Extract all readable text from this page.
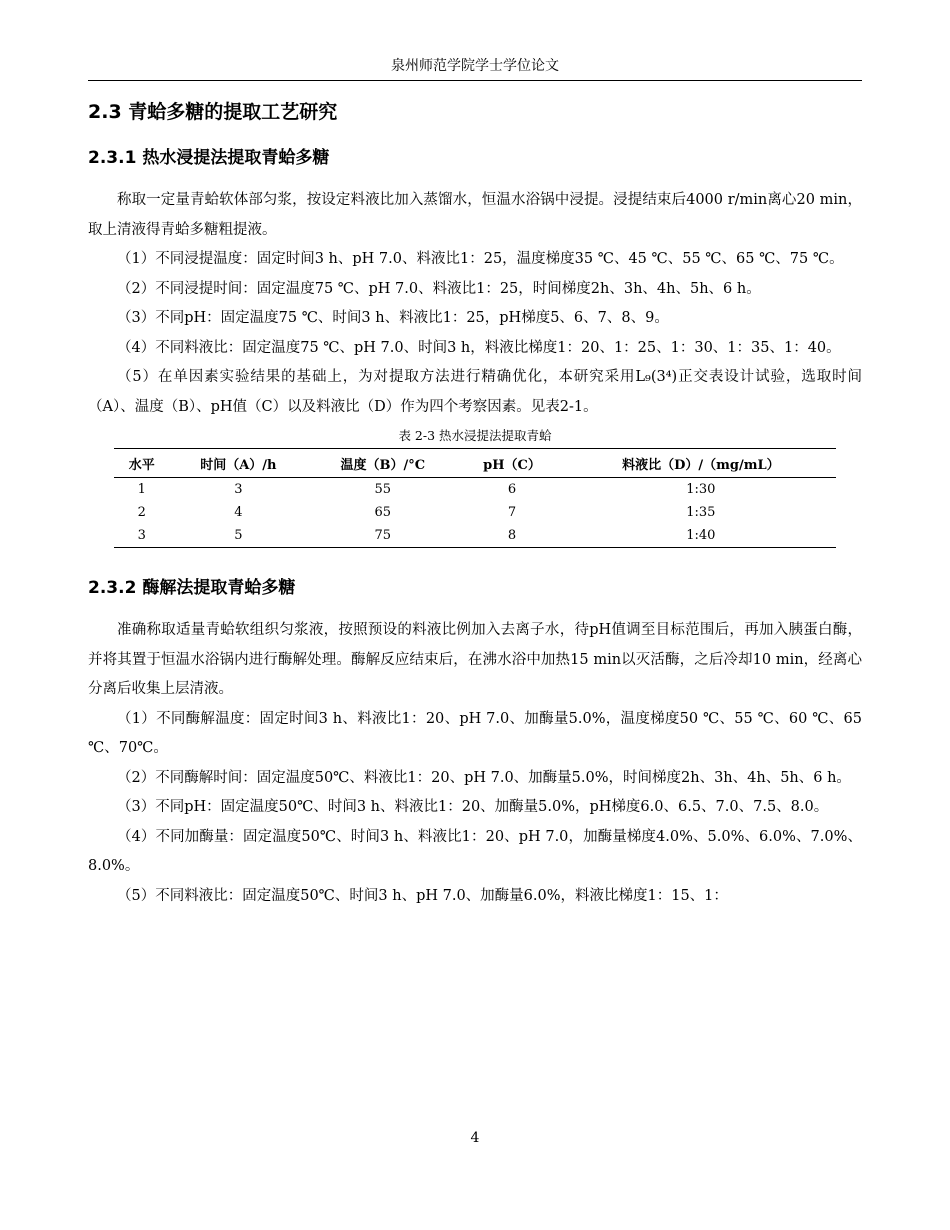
泉州师范学院学士学位论文
2.3 青蛤多糖的提取工艺研究
2.3.1 热水浸提法提取青蛤多糖

称取一定量青蛤软体部匀浆，按设定料液比加入蒸馏水，恒温水浴锅中浸提。浸提结束后4000 r/min离心20 min，取上清液得青蛤多糖粗提液。

（1）不同浸提温度：固定时间3 h、pH 7.0、料液比1：25，温度梯度35 ℃、45 ℃、55 ℃、65 ℃、75 ℃。

（2）不同浸提时间：固定温度75 ℃、pH 7.0、料液比1：25，时间梯度2h、3h、4h、5h、6 h。

（3）不同pH：固定温度75 ℃、时间3 h、料液比1：25，pH梯度5、6、7、8、9。

（4）不同料液比：固定温度75 ℃、pH 7.0、时间3 h，料液比梯度1：20、1：25、1：30、1：35、1：40。

（5）在单因素实验结果的基础上，为对提取方法进行精确优化，本研究采用L₉(3⁴)正交表设计试验，选取时间（A）、温度（B）、pH值（C）以及料液比（D）作为四个考察因素。见表2-1。

表 2-3 热水浸提法提取青蛤
水平	时间（A）/h	温度（B）/°C	pH（C）	料液比（D）/（mg/mL）
1	3	55	6	1:30
2	4	65	7	1:35
3	5	75	8	1:40
2.3.2 酶解法提取青蛤多糖

准确称取适量青蛤软组织匀浆液，按照预设的料液比例加入去离子水，待pH值调至目标范围后，再加入胰蛋白酶，并将其置于恒温水浴锅内进行酶解处理。酶解反应结束后，在沸水浴中加热15 min以灭活酶，之后冷却10 min，经离心分离后收集上层清液。

（1）不同酶解温度：固定时间3 h、料液比1：20、pH 7.0、加酶量5.0%，温度梯度50 ℃、55 ℃、60 ℃、65 ℃、70℃。

（2）不同酶解时间：固定温度50℃、料液比1：20、pH 7.0、加酶量5.0%，时间梯度2h、3h、4h、5h、6 h。

（3）不同pH：固定温度50℃、时间3 h、料液比1：20、加酶量5.0%，pH梯度6.0、6.5、7.0、7.5、8.0。

（4）不同加酶量：固定温度50℃、时间3 h、料液比1：20、pH 7.0，加酶量梯度4.0%、5.0%、6.0%、7.0%、8.0%。

（5）不同料液比：固定温度50℃、时间3 h、pH 7.0、加酶量6.0%，料液比梯度1：15、1：

4
